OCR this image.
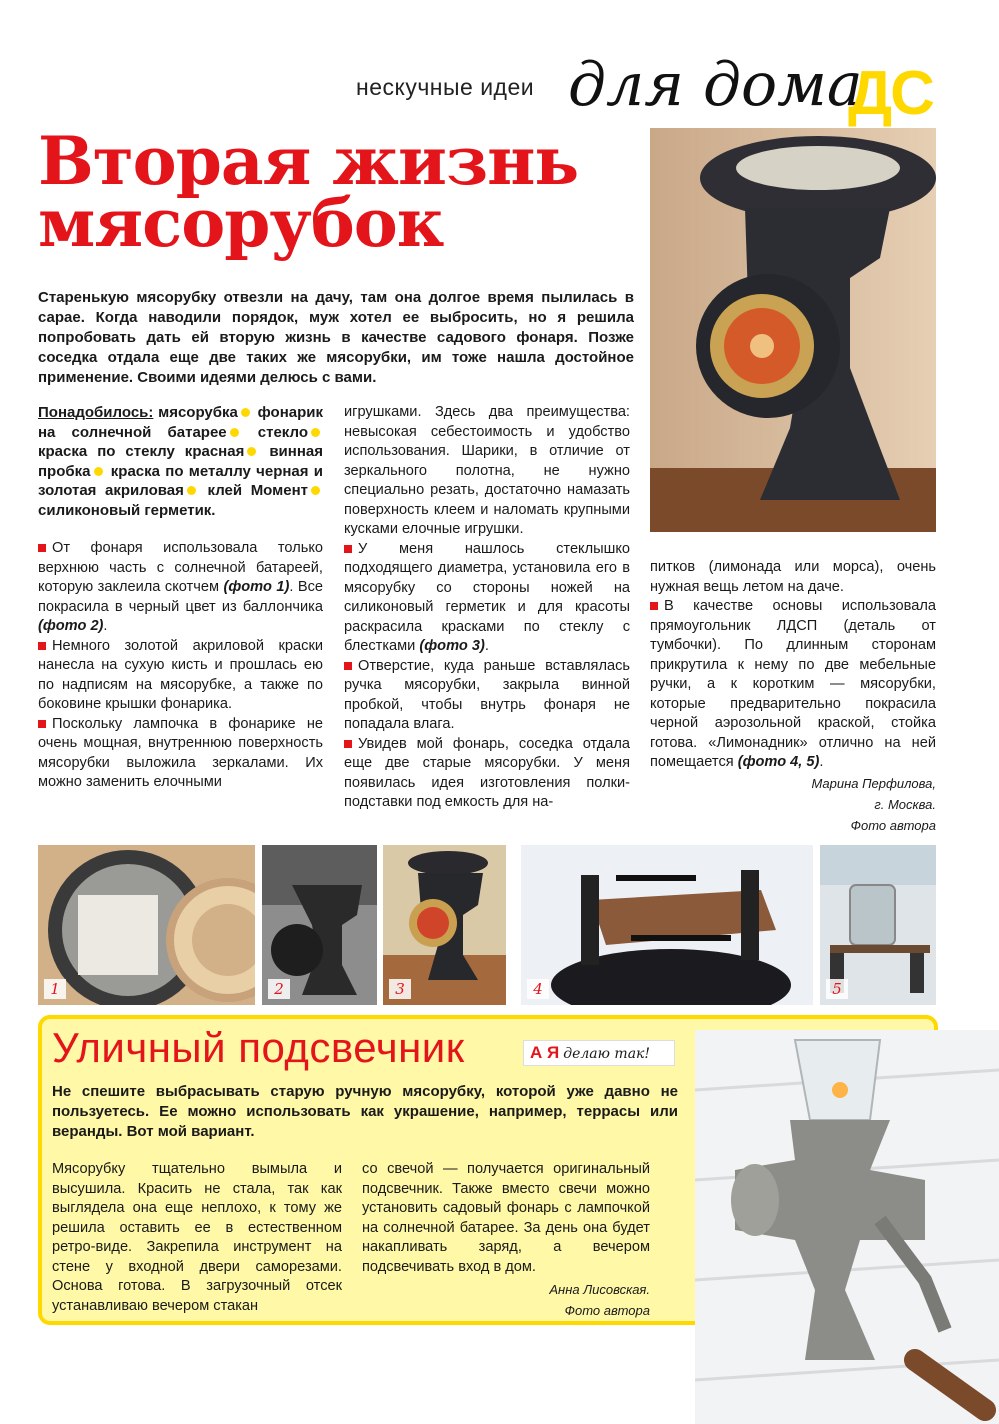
нескучные идеи для дома
ДС
Вторая жизнь
мясорубок
Старенькую мясорубку отвезли на дачу, там она долгое время пылилась в сарае. Когда наводили порядок, муж хотел ее выбросить, но я решила попробовать дать ей вторую жизнь в качестве садового фонаря. Позже соседка отдала еще две таких же мясорубки, им тоже нашла достойное применение. Своими идеями делюсь с вами.

Понадобилось: мясорубка фонарик на солнечной батарее стекло краска по стеклу красная винная пробка краска по металлу черная и золотая акриловая клей Момент силиконовый герметик.

От фонаря использовала только верхнюю часть с солнечной батареей, которую заклеила скотчем (фото 1). Все покрасила в черный цвет из баллончика (фото 2).

Немного золотой акриловой краски нанесла на сухую кисть и прошлась ею по надписям на мясорубке, а также по боковине крышки фонарика.

Поскольку лампочка в фонарике не очень мощная, внутреннюю поверхность мясорубки выложила зеркалами. Их можно заменить елочными

игрушками. Здесь два преимущества: невысокая себестоимость и удобство использования. Шарики, в отличие от зеркального полотна, не нужно специально резать, достаточно намазать поверхность клеем и наломать крупными кусками елочные игрушки.

У меня нашлось стеклышко подходящего диаметра, установила его в мясорубку со стороны ножей на силиконовый герметик и для красоты раскрасила красками по стеклу с блестками (фото 3).

Отверстие, куда раньше вставлялась ручка мясорубки, закрыла винной пробкой, чтобы внутрь фонаря не попадала влага.

Увидев мой фонарь, соседка отдала еще две старые мясорубки. У меня появилась идея изготовления полки-подставки под емкость для на-

питков (лимонада или морса), очень нужная вещь летом на даче.

В качестве основы использовала прямоугольник ЛДСП (деталь от тумбочки). По длинным сторонам прикрутила к нему по две мебельные ручки, а к коротким — мясорубки, которые предварительно покрасила черной аэрозольной краской, стойка готова. «Лимонадник» отлично на ней помещается (фото 4, 5).

Марина Перфилова,
г. Москва.
Фото автора
1	2	3	4	5
Уличный подсвечник	А Я делаю так!
Не спешите выбрасывать старую ручную мясорубку, которой уже давно не пользуетесь. Ее можно использовать как украшение, например, террасы или веранды. Вот мой вариант.
Мясорубку тщательно вымыла и высушила. Красить не стала, так как выглядела она еще неплохо, к тому же решила оставить ее в естественном ретро-виде. Закрепила инструмент на стене у входной двери саморезами. Основа готова. В загрузочный отсек устанавливаю вечером стакан

со свечой — получается оригинальный подсвечник. Также вместо свечи можно установить садовый фонарь с лампочкой на солнечной батарее. За день она будет накапливать заряд, а вечером подсвечивать вход в дом.

Анна Лисовская.
Фото автора
